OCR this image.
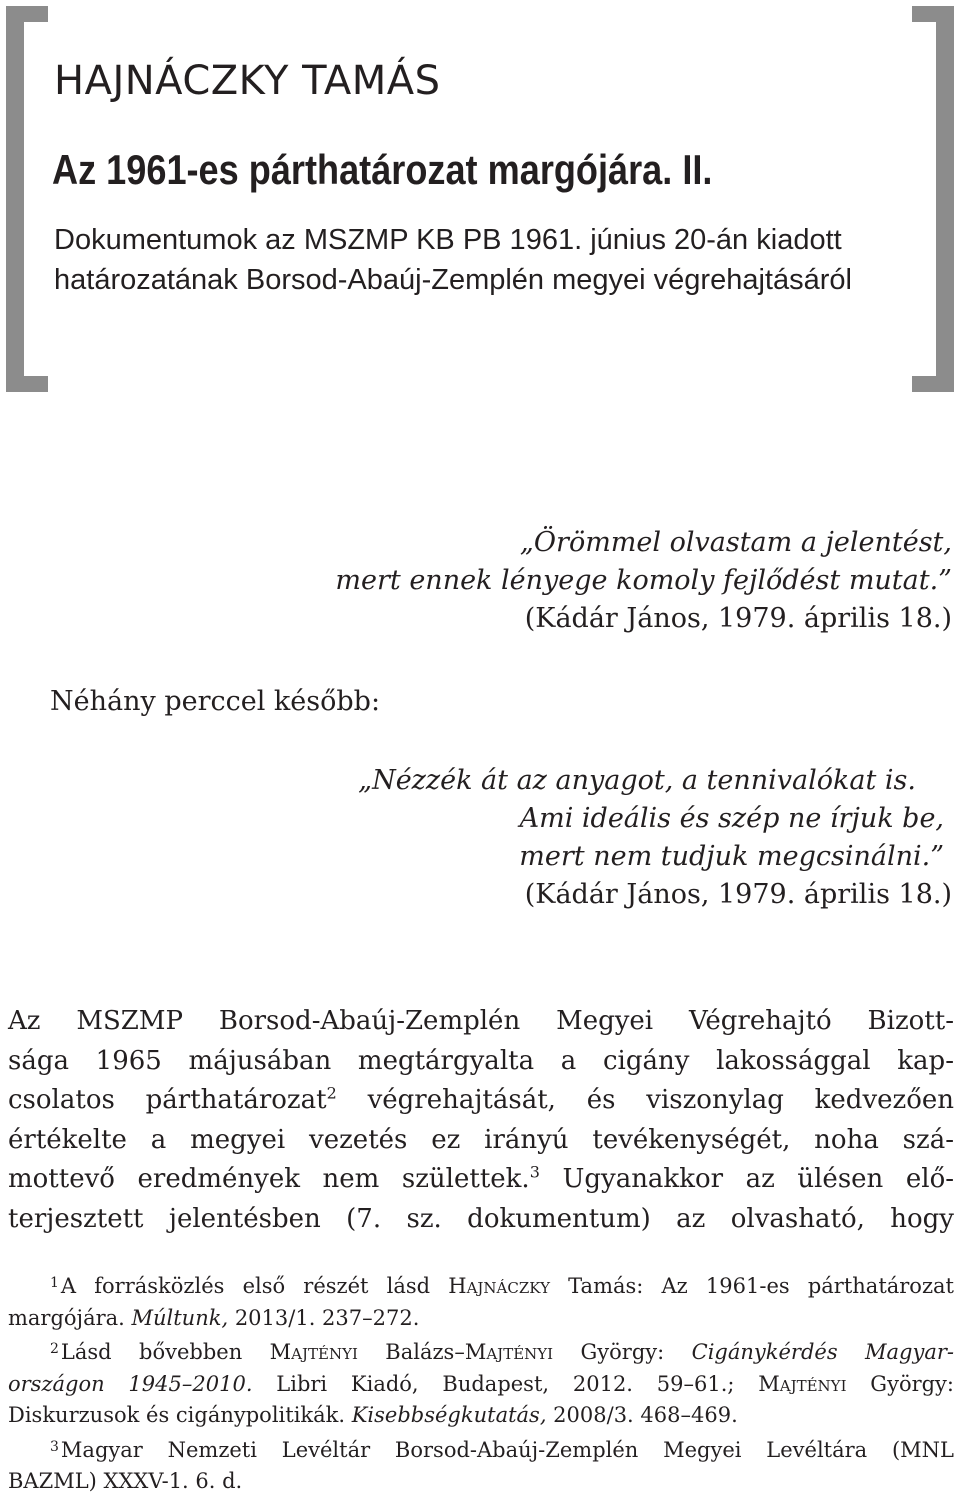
HAJNÁCZKY TAMÁS
Az 1961-es párthatározat margójára. II.
Dokumentumok az MSZMP KB PB 1961. június 20-án kiadott
határozatának Borsod-Abaúj-Zemplén megyei végrehajtásáról
„Örömmel olvastam a jelentést,
mert ennek lényege komoly fejlődést mutat.”
(Kádár János, 1979. április 18.)
Néhány perccel később:
„Nézzék át az anyagot, a tennivalókat is.
Ami ideális és szép ne írjuk be,
mert nem tudjuk megcsinálni.”
(Kádár János, 1979. április 18.)
Az MSZMP Borsod-Abaúj-Zemplén Megyei Végrehajtó Bizott-
sága 1965 májusában megtárgyalta a cigány lakossággal kap-
csolatos párthatározat$^2$ végrehajtását, és viszonylag kedvezően
értékelte a megyei vezetés ez irányú tevékenységét, noha szá-
mottevő eredmények nem születtek.$^3$ Ugyanakkor az ülésen elő-
terjesztett jelentésben (7. sz. dokumentum) az olvasható, hogy
$^1$A forrásközlés első részét lásd Hajnáczky Tamás: Az 1961-es párthatározat
margójára. Múltunk, 2013/1. 237–272.
$^2$Lásd bővebben Majtényi Balázs–Majtényi György: Cigánykérdés Magyar-
országon 1945–2010. Libri Kiadó, Budapest, 2012. 59–61.; Majtényi György:
Diskurzusok és cigánypolitikák. Kisebbségkutatás, 2008/3. 468–469.
$^3$Magyar Nemzeti Levéltár Borsod-Abaúj-Zemplén Megyei Levéltára (MNL
BAZML) XXXV-1. 6. d.
